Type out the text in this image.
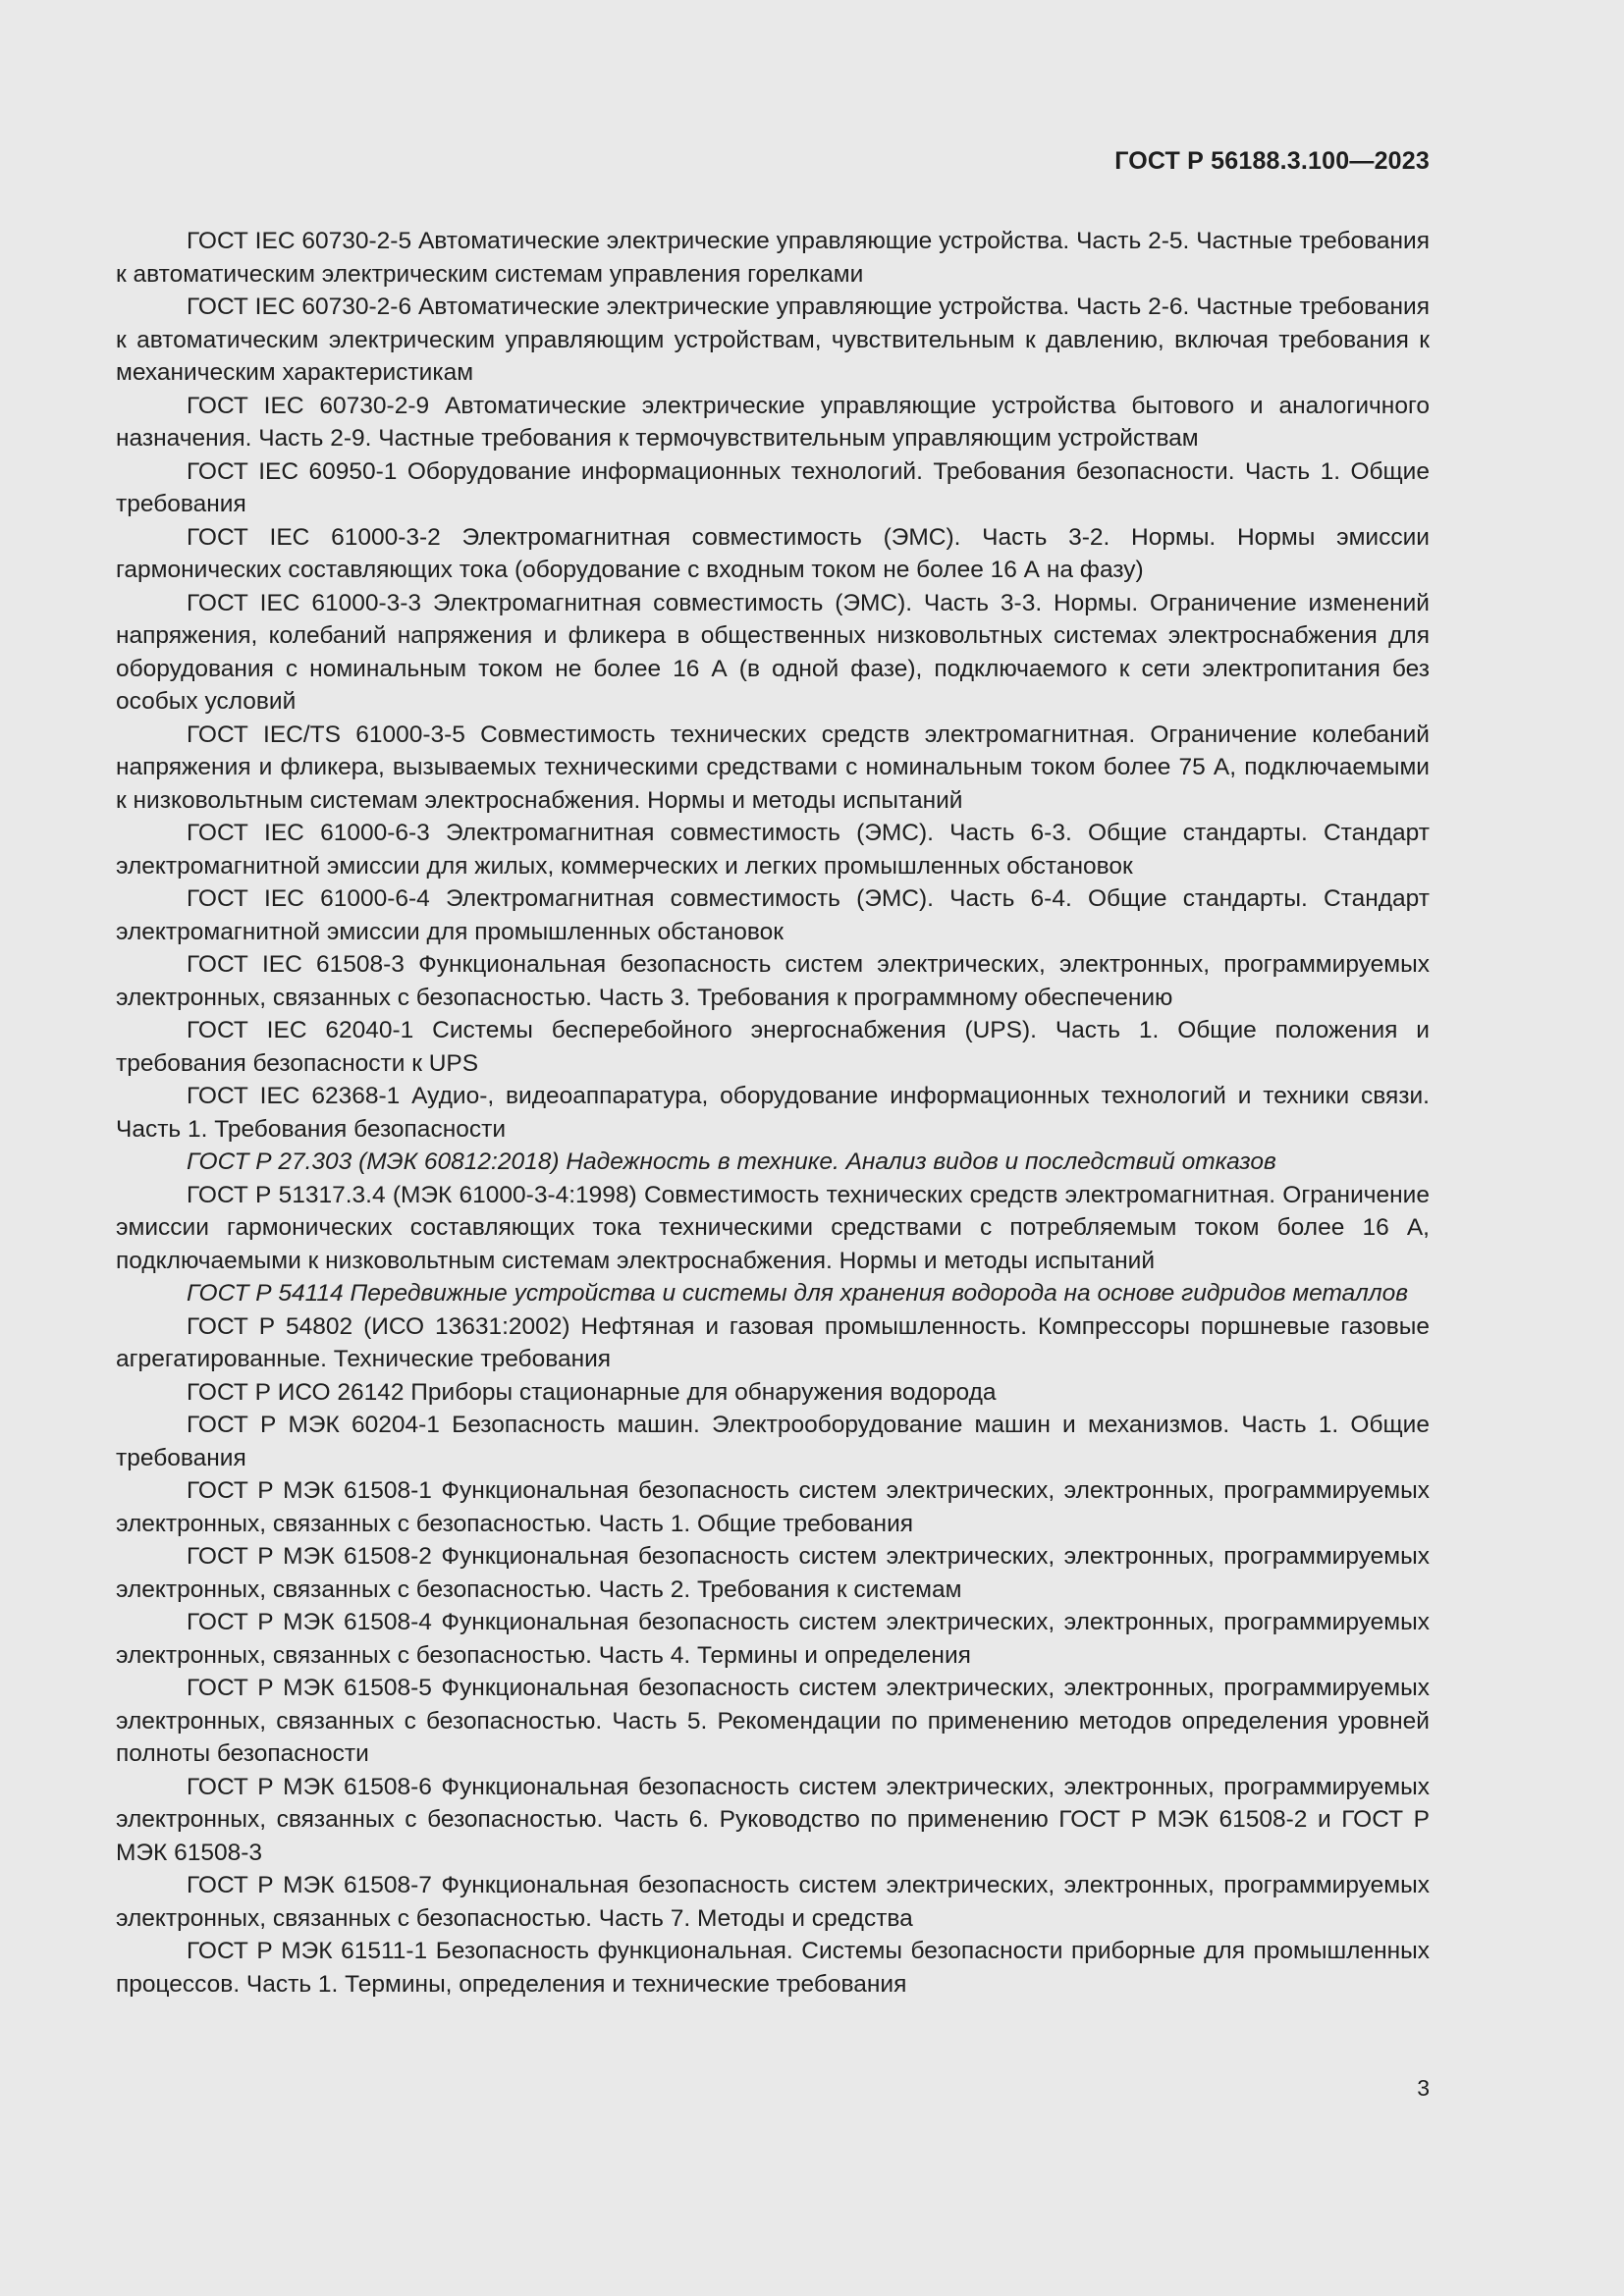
ГОСТ Р 56188.3.100—2023

ГОСТ IEC 60730-2-5 Автоматические электрические управляющие устройства. Часть 2-5. Частные требования к автоматическим электрическим системам управления горелками

ГОСТ IEC 60730-2-6 Автоматические электрические управляющие устройства. Часть 2-6. Частные требования к автоматическим электрическим управляющим устройствам, чувствительным к давлению, включая требования к механическим характеристикам

ГОСТ IEC 60730-2-9 Автоматические электрические управляющие устройства бытового и аналогичного назначения. Часть 2-9. Частные требования к термочувствительным управляющим устройствам

ГОСТ IEC 60950-1 Оборудование информационных технологий. Требования безопасности. Часть 1. Общие требования

ГОСТ IEC 61000-3-2 Электромагнитная совместимость (ЭМС). Часть 3-2. Нормы. Нормы эмиссии гармонических составляющих тока (оборудование с входным током не более 16 А на фазу)

ГОСТ IEC 61000-3-3 Электромагнитная совместимость (ЭМС). Часть 3-3. Нормы. Ограничение изменений напряжения, колебаний напряжения и фликера в общественных низковольтных системах электроснабжения для оборудования с номинальным током не более 16 А (в одной фазе), подключаемого к сети электропитания без особых условий

ГОСТ IEC/TS 61000-3-5 Совместимость технических средств электромагнитная. Ограничение колебаний напряжения и фликера, вызываемых техническими средствами с номинальным током более 75 А, подключаемыми к низковольтным системам электроснабжения. Нормы и методы испытаний

ГОСТ IEC 61000-6-3 Электромагнитная совместимость (ЭМС). Часть 6-3. Общие стандарты. Стандарт электромагнитной эмиссии для жилых, коммерческих и легких промышленных обстановок

ГОСТ IEC 61000-6-4 Электромагнитная совместимость (ЭМС). Часть 6-4. Общие стандарты. Стандарт электромагнитной эмиссии для промышленных обстановок

ГОСТ IEC 61508-3 Функциональная безопасность систем электрических, электронных, программируемых электронных, связанных с безопасностью. Часть 3. Требования к программному обеспечению

ГОСТ IEC 62040-1 Системы бесперебойного энергоснабжения (UPS). Часть 1. Общие положения и требования безопасности к UPS

ГОСТ IEC 62368-1 Аудио-, видеоаппаратура, оборудование информационных технологий и техники связи. Часть 1. Требования безопасности

ГОСТ Р 27.303 (МЭК 60812:2018) Надежность в технике. Анализ видов и последствий отказов

ГОСТ Р 51317.3.4 (МЭК 61000-3-4:1998) Совместимость технических средств электромагнитная. Ограничение эмиссии гармонических составляющих тока техническими средствами с потребляемым током более 16 А, подключаемыми к низковольтным системам электроснабжения. Нормы и методы испытаний

ГОСТ Р 54114 Передвижные устройства и системы для хранения водорода на основе гидридов металлов

ГОСТ Р 54802 (ИСО 13631:2002) Нефтяная и газовая промышленность. Компрессоры поршневые газовые агрегатированные. Технические требования

ГОСТ Р ИСО 26142 Приборы стационарные для обнаружения водорода

ГОСТ Р МЭК 60204-1 Безопасность машин. Электрооборудование машин и механизмов. Часть 1. Общие требования

ГОСТ Р МЭК 61508-1 Функциональная безопасность систем электрических, электронных, программируемых электронных, связанных с безопасностью. Часть 1. Общие требования

ГОСТ Р МЭК 61508-2 Функциональная безопасность систем электрических, электронных, программируемых электронных, связанных с безопасностью. Часть 2. Требования к системам

ГОСТ Р МЭК 61508-4 Функциональная безопасность систем электрических, электронных, программируемых электронных, связанных с безопасностью. Часть 4. Термины и определения

ГОСТ Р МЭК 61508-5 Функциональная безопасность систем электрических, электронных, программируемых электронных, связанных с безопасностью. Часть 5. Рекомендации по применению методов определения уровней полноты безопасности

ГОСТ Р МЭК 61508-6 Функциональная безопасность систем электрических, электронных, программируемых электронных, связанных с безопасностью. Часть 6. Руководство по применению ГОСТ Р МЭК 61508-2 и ГОСТ Р МЭК 61508-3

ГОСТ Р МЭК 61508-7 Функциональная безопасность систем электрических, электронных, программируемых электронных, связанных с безопасностью. Часть 7. Методы и средства

ГОСТ Р МЭК 61511-1 Безопасность функциональная. Системы безопасности приборные для промышленных процессов. Часть 1. Термины, определения и технические требования

3
